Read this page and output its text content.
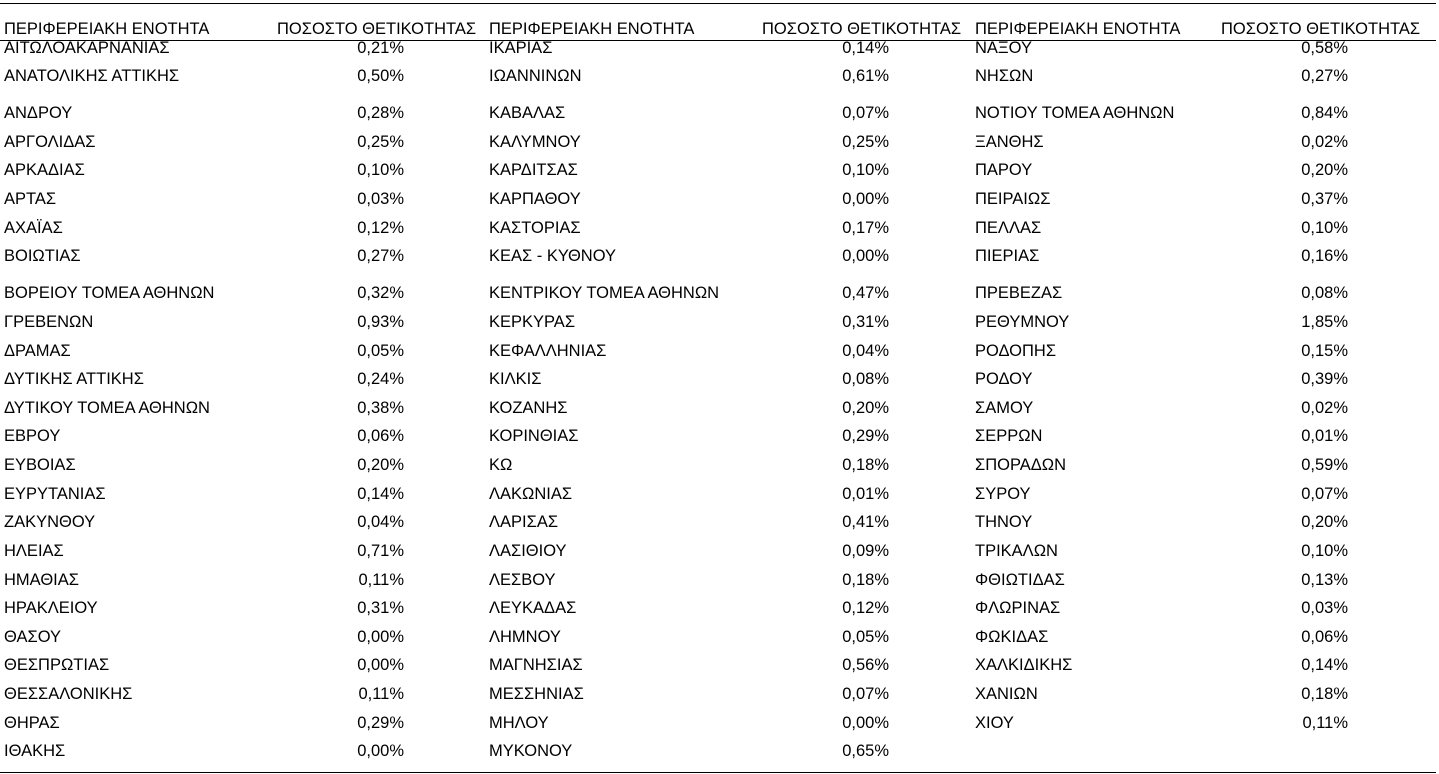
ΠΕΡΙΦΕΡΕΙΑΚΗ ΕΝΟΤΗΤΑ	ΠΟΣΟΣΤΟ ΘΕΤΙΚΟΤΗΤΑΣ ΠΕΡΙΦΕΡΕΙΑΚΗ ΕΝΟΤΗΤΑ	ΠΟΣΟΣΤΟ ΘΕΤΙΚΟΤΗΤΑΣ ΠΕΡΙΦΕΡΕΙΑΚΗ ΕΝΟΤΗΤΑ ΠΟΣΟΣΤΟ ΘΕΤΙΚΟΤΗΤΑΣ
ΑΙΤΩΛΟΑΚΑΡΝΑΝΙΑΣ	0,21%
ΑΝΑΤΟΛΙΚΗΣ ΑΤΤΙΚΗΣ	0,50%
ΑΝΔΡΟΥ	0,28%
ΑΡΓΟΛΙΔΑΣ	0,25%
ΑΡΚΑΔΙΑΣ	0,10%
ΑΡΤΑΣ	0,03%
ΑΧΑΪΑΣ	0,12%
ΒΟΙΩΤΙΑΣ	0,27%
ΒΟΡΕΙΟΥ ΤΟΜΕΑ ΑΘΗΝΩΝ	0,32%
ΓΡΕΒΕΝΩΝ	0,93%
ΔΡΑΜΑΣ	0,05%
ΔΥΤΙΚΗΣ ΑΤΤΙΚΗΣ	0,24%
ΔΥΤΙΚΟΥ ΤΟΜΕΑ ΑΘΗΝΩΝ	0,38%
ΕΒΡΟΥ	0,06%
ΕΥΒΟΙΑΣ	0,20%
ΕΥΡΥΤΑΝΙΑΣ	0,14%
ΖΑΚΥΝΘΟΥ	0,04%
ΗΛΕΙΑΣ	0,71%
ΗΜΑΘΙΑΣ	0,11%
ΗΡΑΚΛΕΙΟΥ	0,31%
ΘΑΣΟΥ	0,00%
ΘΕΣΠΡΩΤΙΑΣ	0,00%
ΘΕΣΣΑΛΟΝΙΚΗΣ	0,11%
ΘΗΡΑΣ	0,29%
ΙΘΑΚΗΣ	0,00%
ΙΚΑΡΙΑΣ	0,14%
ΙΩΑΝΝΙΝΩΝ	0,61%
ΚΑΒΑΛΑΣ	0,07%
ΚΑΛΥΜΝΟΥ	0,25%
ΚΑΡΔΙΤΣΑΣ	0,10%
ΚΑΡΠΑΘΟΥ	0,00%
ΚΑΣΤΟΡΙΑΣ	0,17%
ΚΕΑΣ - ΚΥΘΝΟΥ	0,00%
ΚΕΝΤΡΙΚΟΥ ΤΟΜΕΑ ΑΘΗΝΩΝ	0,47%
ΚΕΡΚΥΡΑΣ	0,31%
ΚΕΦΑΛΛΗΝΙΑΣ	0,04%
ΚΙΛΚΙΣ	0,08%
ΚΟΖΑΝΗΣ	0,20%
ΚΟΡΙΝΘΙΑΣ	0,29%
ΚΩ	0,18%
ΛΑΚΩΝΙΑΣ	0,01%
ΛΑΡΙΣΑΣ	0,41%
ΛΑΣΙΘΙΟΥ	0,09%
ΛΕΣΒΟΥ	0,18%
ΛΕΥΚΑΔΑΣ	0,12%
ΛΗΜΝΟΥ	0,05%
ΜΑΓΝΗΣΙΑΣ	0,56%
ΜΕΣΣΗΝΙΑΣ	0,07%
ΜΗΛΟΥ	0,00%
ΜΥΚΟΝΟΥ	0,65%
ΝΑΞΟΥ	0,58%
ΝΗΣΩΝ	0,27%
ΝΟΤΙΟΥ ΤΟΜΕΑ ΑΘΗΝΩΝ	0,84%
ΞΑΝΘΗΣ	0,02%
ΠΑΡΟΥ	0,20%
ΠΕΙΡΑΙΩΣ	0,37%
ΠΕΛΛΑΣ	0,10%
ΠΙΕΡΙΑΣ	0,16%
ΠΡΕΒΕΖΑΣ	0,08%
ΡΕΘΥΜΝΟΥ	1,85%
ΡΟΔΟΠΗΣ	0,15%
ΡΟΔΟΥ	0,39%
ΣΑΜΟΥ	0,02%
ΣΕΡΡΩΝ	0,01%
ΣΠΟΡΑΔΩΝ	0,59%
ΣΥΡΟΥ	0,07%
ΤΗΝΟΥ	0,20%
ΤΡΙΚΑΛΩΝ	0,10%
ΦΘΙΩΤΙΔΑΣ	0,13%
ΦΛΩΡΙΝΑΣ	0,03%
ΦΩΚΙΔΑΣ	0,06%
ΧΑΛΚΙΔΙΚΗΣ	0,14%
ΧΑΝΙΩΝ	0,18%
ΧΙΟΥ	0,11%
